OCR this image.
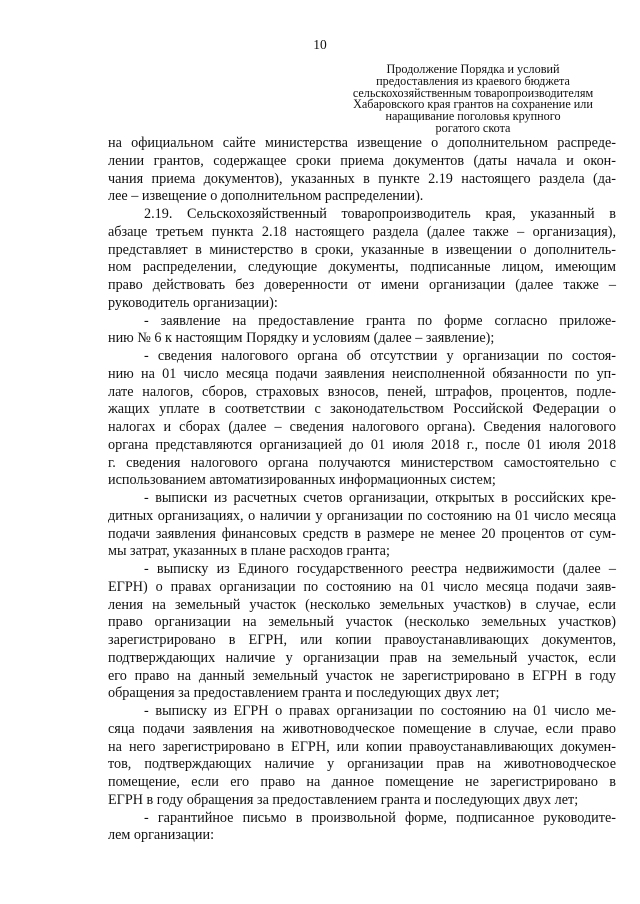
10
Продолжение Порядка и условий
предоставления из краевого бюджета
сельскохозяйственным товаропроизводителям
Хабаровского края грантов на сохранение или
наращивание поголовья крупного
рогатого скота
на официальном сайте министерства извещение о дополнительном распреде-
лении грантов, содержащее сроки приема документов (даты начала и окон-
чания приема документов), указанных в пункте 2.19 настоящего раздела (да-
лее – извещение о дополнительном распределении).
2.19. Сельскохозяйственный товаропроизводитель края, указанный в
абзаце третьем пункта 2.18 настоящего раздела (далее также – организация),
представляет в министерство в сроки, указанные в извещении о дополнитель-
ном распределении, следующие документы, подписанные лицом, имеющим
право действовать без доверенности от имени организации (далее также –
руководитель организации):
- заявление на предоставление гранта по форме согласно приложе-
нию № 6 к настоящим Порядку и условиям (далее – заявление);
- сведения налогового органа об отсутствии у организации по состоя-
нию на 01 число месяца подачи заявления неисполненной обязанности по уп-
лате налогов, сборов, страховых взносов, пеней, штрафов, процентов, подле-
жащих уплате в соответствии с законодательством Российской Федерации о
налогах и сборах (далее – сведения налогового органа). Сведения налогового
органа представляются организацией до 01 июля 2018 г., после 01 июля 2018
г. сведения налогового органа получаются министерством самостоятельно с
использованием автоматизированных информационных систем;
- выписки из расчетных счетов организации, открытых в российских кре-
дитных организациях, о наличии у организации по состоянию на 01 число месяца
подачи заявления финансовых средств в размере не менее 20 процентов от сум-
мы затрат, указанных в плане расходов гранта;
- выписку из Единого государственного реестра недвижимости (далее –
ЕГРН) о правах организации по состоянию на 01 число месяца подачи заяв-
ления на земельный участок (несколько земельных участков) в случае, если
право организации на земельный участок (несколько земельных участков)
зарегистрировано в ЕГРН, или копии правоустанавливающих документов,
подтверждающих наличие у организации прав на земельный участок, если
его право на данный земельный участок не зарегистрировано в ЕГРН в году
обращения за предоставлением гранта и последующих двух лет;
- выписку из ЕГРН о правах организации по состоянию на 01 число ме-
сяца подачи заявления на животноводческое помещение в случае, если право
на него зарегистрировано в ЕГРН, или копии правоустанавливающих докумен-
тов, подтверждающих наличие у организации прав на животноводческое
помещение, если его право на данное помещение не зарегистрировано в
ЕГРН в году обращения за предоставлением гранта и последующих двух лет;
- гарантийное письмо в произвольной форме, подписанное руководите-
лем организации:
